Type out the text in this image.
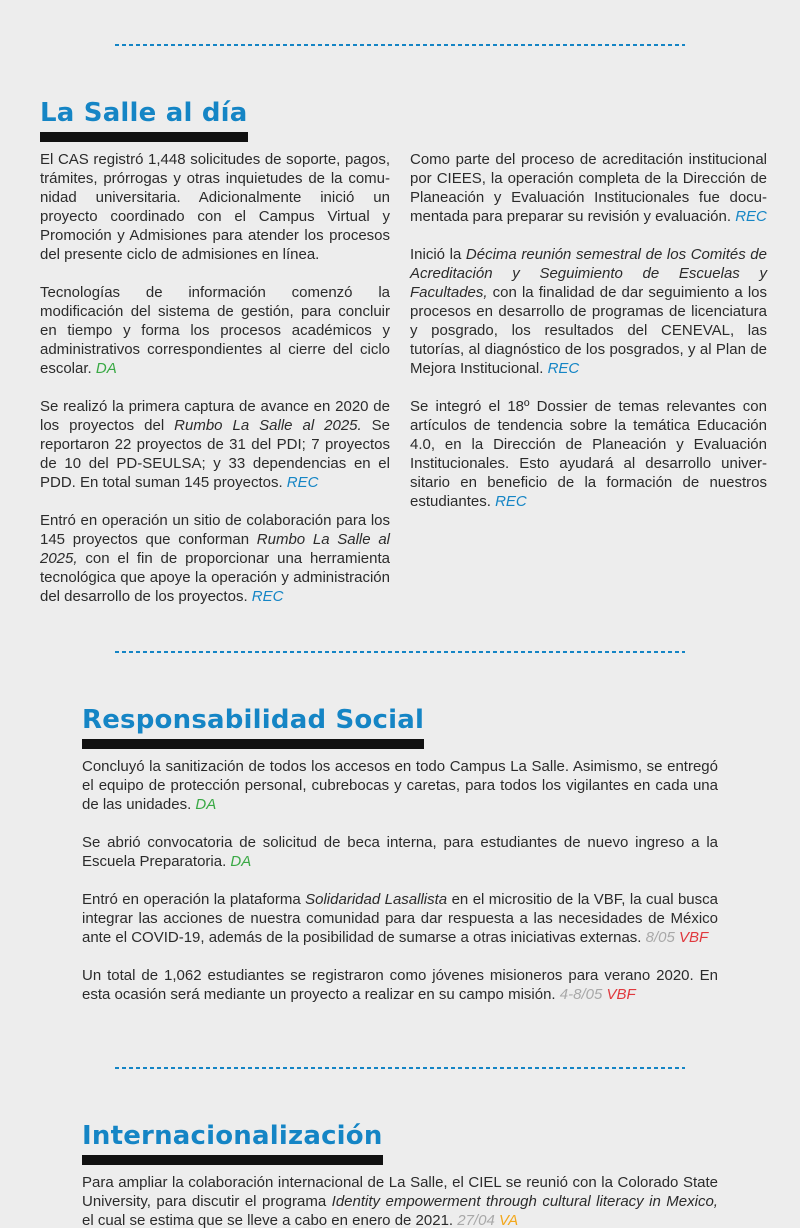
La Salle al día

El CAS registró 1,448 solicitudes de soporte, pagos, trámites, prórrogas y otras inquietudes de la comunidad universitaria. Adicionalmente inició un proyecto coordinado con el Campus Virtual y Promoción y Admisiones para atender los procesos del presente ciclo de admisiones en línea.

Tecnologías de información comenzó la modificación del sistema de gestión, para concluir en tiempo y forma los procesos académicos y administrativos correspondientes al cierre del ciclo escolar. DA

Se realizó la primera captura de avance en 2020 de los proyectos del Rumbo La Salle al 2025. Se reportaron 22 proyectos de 31 del PDI; 7 proyectos de 10 del PD-SEULSA; y 33 dependencias en el PDD. En total suman 145 proyectos. REC

Entró en operación un sitio de colaboración para los 145 proyectos que conforman Rumbo La Salle al 2025, con el fin de proporcionar una herramienta tecnológica que apoye la operación y administración del desarrollo de los proyectos. REC

Como parte del proceso de acreditación institucional por CIEES, la operación completa de la Dirección de Planeación y Evaluación Institucionales fue documentada para preparar su revisión y evaluación. REC

Inició la Décima reunión semestral de los Comités de Acreditación y Seguimiento de Escuelas y Facultades, con la finalidad de dar seguimiento a los procesos en desarrollo de programas de licenciatura y posgrado, los resultados del CENEVAL, las tutorías, al diagnóstico de los posgrados, y al Plan de Mejora Institucional. REC

Se integró el 18º Dossier de temas relevantes con artículos de tendencia sobre la temática Educación 4.0, en la Dirección de Planeación y Evaluación Institucionales. Esto ayudará al desarrollo universitario en beneficio de la formación de nuestros estudiantes. REC

Responsabilidad Social

Concluyó la sanitización de todos los accesos en todo Campus La Salle. Asimismo, se entregó el equipo de protección personal, cubrebocas y caretas, para todos los vigilantes en cada una de las unidades. DA

Se abrió convocatoria de solicitud de beca interna, para estudiantes de nuevo ingreso a la Escuela Preparatoria. DA

Entró en operación la plataforma Solidaridad Lasallista en el micrositio de la VBF, la cual busca integrar las acciones de nuestra comunidad para dar respuesta a las necesidades de México ante el COVID-19, además de la posibilidad de sumarse a otras iniciativas externas. 8/05 VBF

Un total de 1,062 estudiantes se registraron como jóvenes misioneros para verano 2020. En esta ocasión será mediante un proyecto a realizar en su campo misión. 4-8/05 VBF

Internacionalización

Para ampliar la colaboración internacional de La Salle, el CIEL se reunió con la Colorado State University, para discutir el programa Identity empowerment through cultural literacy in Mexico, el cual se estima que se lleve a cabo en enero de 2021. 27/04 VA
